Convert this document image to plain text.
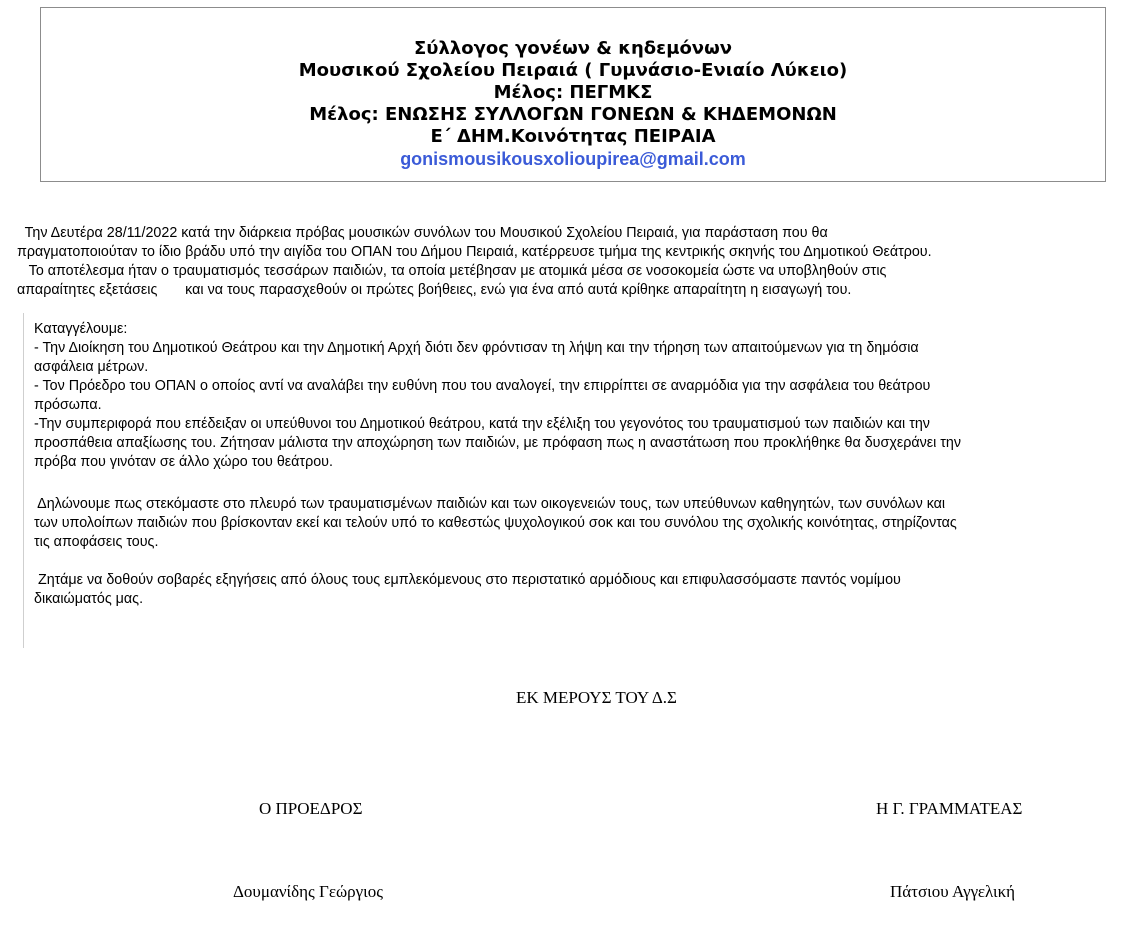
Σύλλογος γονέων & κηδεμόνων
Μουσικού Σχολείου Πειραιά ( Γυμνάσιο-Ενιαίο Λύκειο)
Μέλος: ΠΕΓΜΚΣ
Μέλος: ΕΝΩΣΗΣ ΣΥΛΛΟΓΩΝ ΓΟΝΕΩΝ & ΚΗΔΕΜΟΝΩΝ
Ε΄ ΔΗΜ.Κοινότητας ΠΕΙΡΑΙΑ
gonismousikousxolioupirea@gmail.com
Την Δευτέρα 28/11/2022 κατά την διάρκεια πρόβας μουσικών συνόλων του Μουσικού Σχολείου Πειραιά, για παράσταση που θα
πραγματοποιούταν το ίδιο βράδυ υπό την αιγίδα του ΟΠΑΝ του Δήμου Πειραιά, κατέρρευσε τμήμα της κεντρικής σκηνής του Δημοτικού Θεάτρου.
Το αποτέλεσμα ήταν ο τραυματισμός τεσσάρων παιδιών, τα οποία μετέβησαν με ατομικά μέσα σε νοσοκομεία ώστε να υποβληθούν στις
απαραίτητες εξετάσεις       και να τους παρασχεθούν οι πρώτες βοήθειες, ενώ για ένα από αυτά κρίθηκε απαραίτητη η εισαγωγή του.
Καταγγέλουμε:
- Την Διοίκηση του Δημοτικού Θεάτρου και την Δημοτική Αρχή διότι δεν φρόντισαν τη λήψη και την τήρηση των απαιτούμενων για τη δημόσια
ασφάλεια μέτρων.
- Τον Πρόεδρο του ΟΠΑΝ ο οποίος αντί να αναλάβει την ευθύνη που του αναλογεί, την επιρρίπτει σε αναρμόδια για την ασφάλεια του θεάτρου
πρόσωπα.
-Την συμπεριφορά που επέδειξαν οι υπεύθυνοι του Δημοτικού θεάτρου, κατά την εξέλιξη του γεγονότος του τραυματισμού των παιδιών και την
προσπάθεια απαξίωσης του. Ζήτησαν μάλιστα την αποχώρηση των παιδιών, με πρόφαση πως η αναστάτωση που προκλήθηκε θα δυσχεράνει την
πρόβα που γινόταν σε άλλο χώρο του θεάτρου.
Δηλώνουμε πως στεκόμαστε στο πλευρό των τραυματισμένων παιδιών και των οικογενειών τους, των υπεύθυνων καθηγητών, των συνόλων και
των υπολοίπων παιδιών που βρίσκονταν εκεί και τελούν υπό το καθεστώς ψυχολογικού σοκ και του συνόλου της σχολικής κοινότητας, στηρίζοντας
τις αποφάσεις τους.
Ζητάμε να δοθούν σοβαρές εξηγήσεις από όλους τους εμπλεκόμενους στο περιστατικό αρμόδιους και επιφυλασσόμαστε παντός νομίμου
δικαιώματός μας.
ΕΚ ΜΕΡΟΥΣ ΤΟΥ Δ.Σ
Ο ΠΡΟΕΔΡΟΣ	Η Γ. ΓΡΑΜΜΑΤΕΑΣ
Δουμανίδης Γεώργιος	Πάτσιου Αγγελική
